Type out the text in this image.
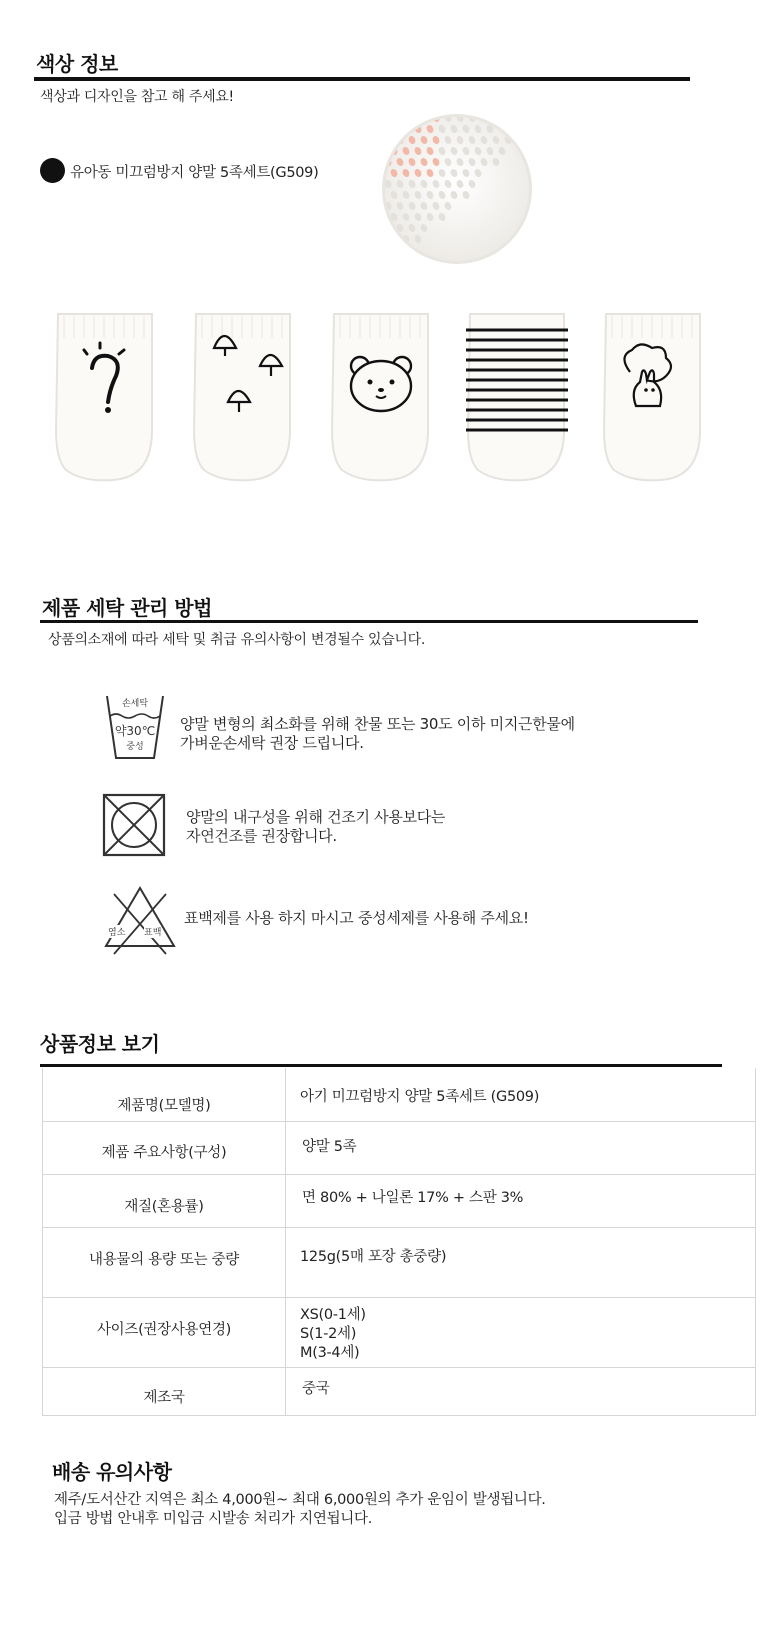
색상 정보
색상과 디자인을 참고 해 주세요!
유아동 미끄럼방지 양말 5족세트(G509)
제품 세탁 관리 방법
상품의소재에 따라 세탁 및 취급 유의사항이 변경될수 있습니다.
손세탁
약30℃
중성
양말 변형의 최소화를 위해 찬물 또는 30도 이하 미지근한물에
가벼운손세탁 권장 드립니다.
양말의 내구성을 위해 건조기 사용보다는
자연건조를 권장합니다.
염소 표백
표백제를 사용 하지 마시고 중성세제를 사용해 주세요!
상품정보 보기
제품명(모델명)	아기 미끄럼방지 양말 5족세트 (G509)

제품 주요사항(구성)	양말 5족

재질(혼용률)	면 80% + 나일론 17% + 스판 3%

내용물의 용량 또는 중량	125g(5매 포장 총중량)

사이즈(권장사용연경)	XS(0-1세)
S(1-2세)
M(3-4세)

제조국	중국
배송 유의사항
제주/도서산간 지역은 최소 4,000원~ 최대 6,000원의 추가 운임이 발생됩니다.
입금 방법 안내후 미입금 시발송 처리가 지연됩니다.
